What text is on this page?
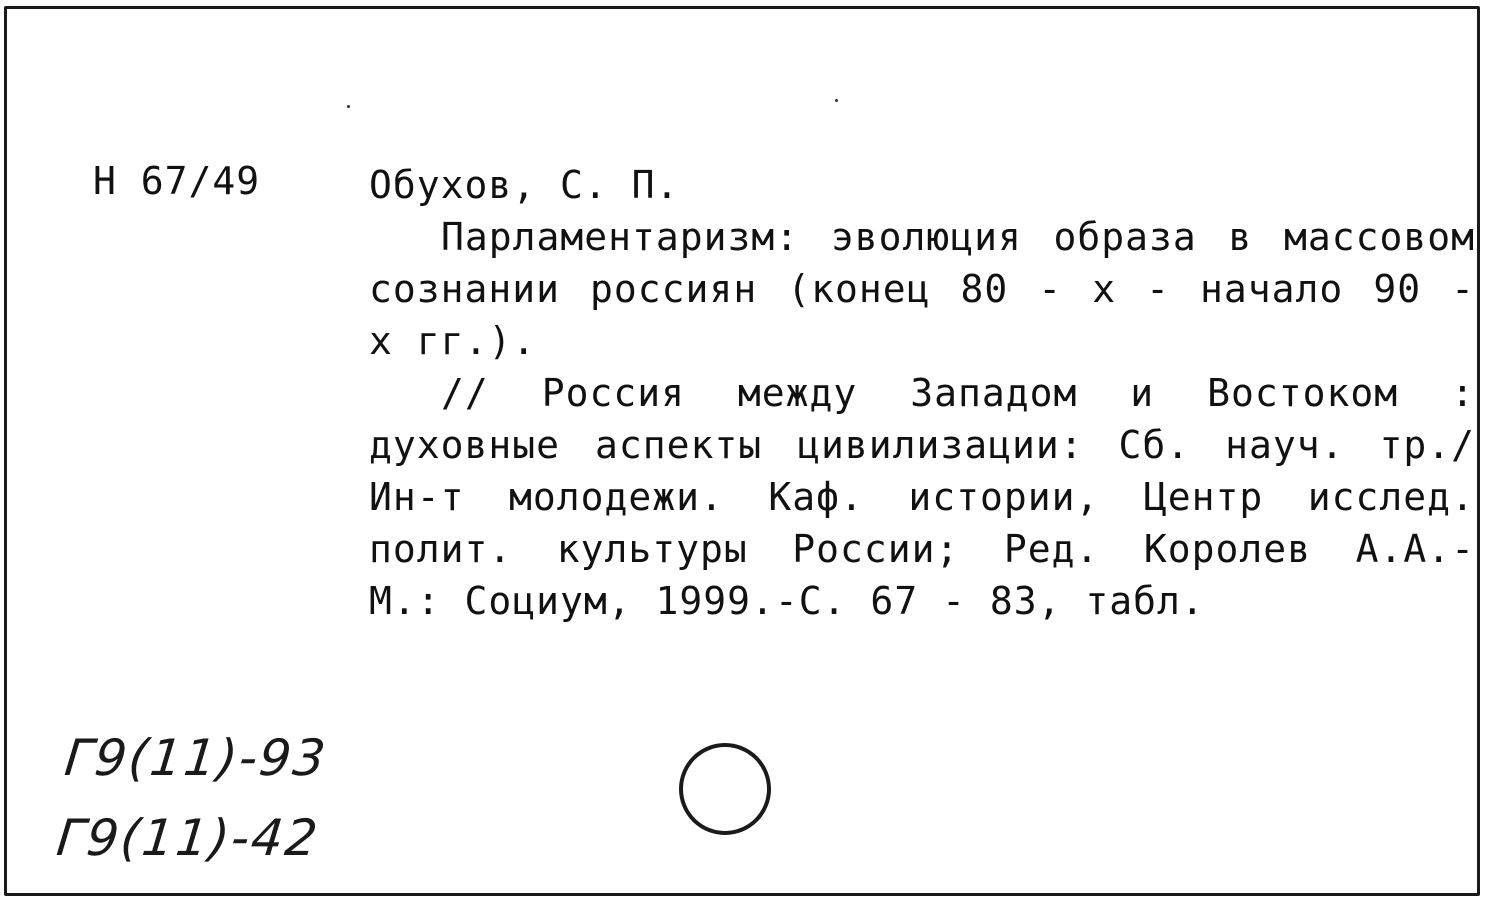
Н 67/49	Обухов, С. П.
Парламентаризм: эволюция образа в массовом
сознании россиян (конец 80 - х - начало 90 -
х гг.).
// Россия между Западом и Востоком :
духовные аспекты цивилизации: Сб. науч. тр./
Ин-т молодежи. Каф. истории, Центр исслед.
полит. культуры России; Ред. Королев А.А.-
М.: Социум, 1999.-С. 67 - 83, табл.
Г9(11)-93
Г9(11)-42
